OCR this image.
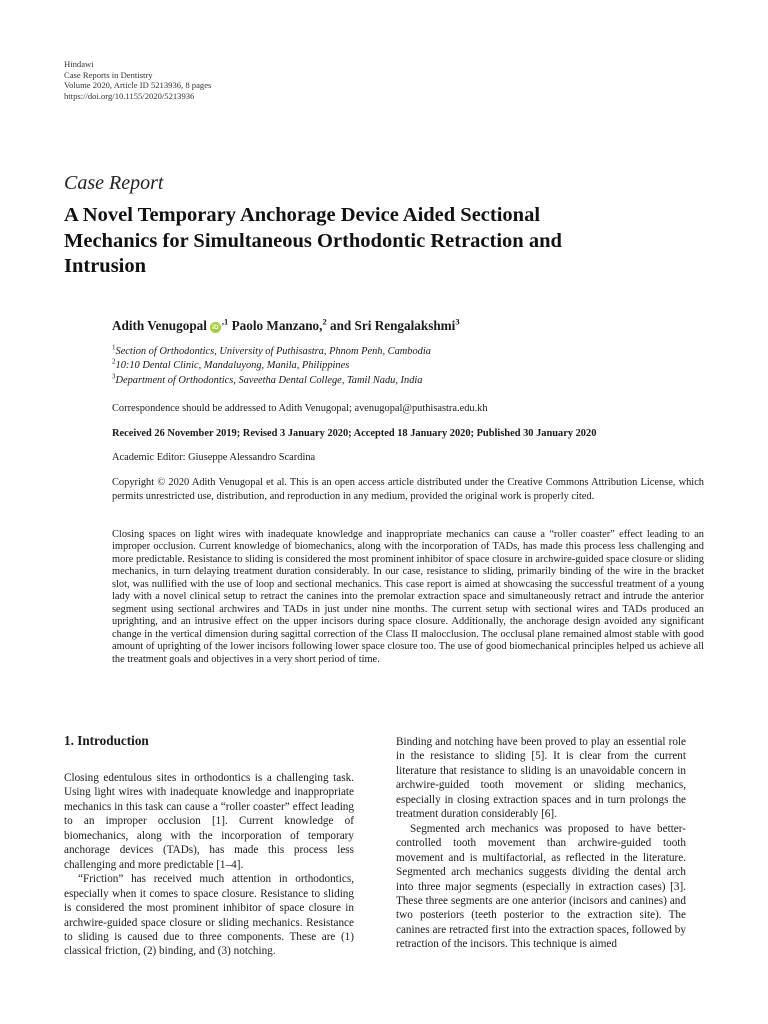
Hindawi
Case Reports in Dentistry
Volume 2020, Article ID 5213936, 8 pages
https://doi.org/10.1155/2020/5213936
Case Report
A Novel Temporary Anchorage Device Aided Sectional Mechanics for Simultaneous Orthodontic Retraction and Intrusion
Adith Venugopal $iD^{,1}$ Paolo Manzano,$^2$ and Sri Rengalakshmi$^3$
$^1$Section of Orthodontics, University of Puthisastra, Phnom Penh, Cambodia
$^2$10:10 Dental Clinic, Mandaluyong, Manila, Philippines
$^3$Department of Orthodontics, Saveetha Dental College, Tamil Nadu, India
Correspondence should be addressed to Adith Venugopal; avenugopal@puthisastra.edu.kh
Received 26 November 2019; Revised 3 January 2020; Accepted 18 January 2020; Published 30 January 2020
Academic Editor: Giuseppe Alessandro Scardina
Copyright © 2020 Adith Venugopal et al. This is an open access article distributed under the Creative Commons Attribution License, which permits unrestricted use, distribution, and reproduction in any medium, provided the original work is properly cited.
Closing spaces on light wires with inadequate knowledge and inappropriate mechanics can cause a “roller coaster” effect leading to an improper occlusion. Current knowledge of biomechanics, along with the incorporation of TADs, has made this process less challenging and more predictable. Resistance to sliding is considered the most prominent inhibitor of space closure in archwire-guided space closure or sliding mechanics, in turn delaying treatment duration considerably. In our case, resistance to sliding, primarily binding of the wire in the bracket slot, was nullified with the use of loop and sectional mechanics. This case report is aimed at showcasing the successful treatment of a young lady with a novel clinical setup to retract the canines into the premolar extraction space and simultaneously retract and intrude the anterior segment using sectional archwires and TADs in just under nine months. The current setup with sectional wires and TADs produced an uprighting, and an intrusive effect on the upper incisors during space closure. Additionally, the anchorage design avoided any significant change in the vertical dimension during sagittal correction of the Class II malocclusion. The occlusal plane remained almost stable with good amount of uprighting of the lower incisors following lower space closure too. The use of good biomechanical principles helped us achieve all the treatment goals and objectives in a very short period of time.
1. Introduction

Closing edentulous sites in orthodontics is a challenging task. Using light wires with inadequate knowledge and inappropriate mechanics in this task can cause a “roller coaster” effect leading to an improper occlusion [1]. Current knowledge of biomechanics, along with the incorporation of temporary anchorage devices (TADs), has made this process less challenging and more predictable [1–4].

“Friction” has received much attention in orthodontics, especially when it comes to space closure. Resistance to sliding is considered the most prominent inhibitor of space closure in archwire-guided space closure or sliding mechanics. Resistance to sliding is caused due to three components. These are (1) classical friction, (2) binding, and (3) notching.

Binding and notching have been proved to play an essential role in the resistance to sliding [5]. It is clear from the current literature that resistance to sliding is an unavoidable concern in archwire-guided tooth movement or sliding mechanics, especially in closing extraction spaces and in turn prolongs the treatment duration considerably [6].

Segmented arch mechanics was proposed to have better-controlled tooth movement than archwire-guided tooth movement and is multifactorial, as reflected in the literature. Segmented arch mechanics suggests dividing the dental arch into three major segments (especially in extraction cases) [3]. These three segments are one anterior (incisors and canines) and two posteriors (teeth posterior to the extraction site). The canines are retracted first into the extraction spaces, followed by retraction of the incisors. This technique is aimed
